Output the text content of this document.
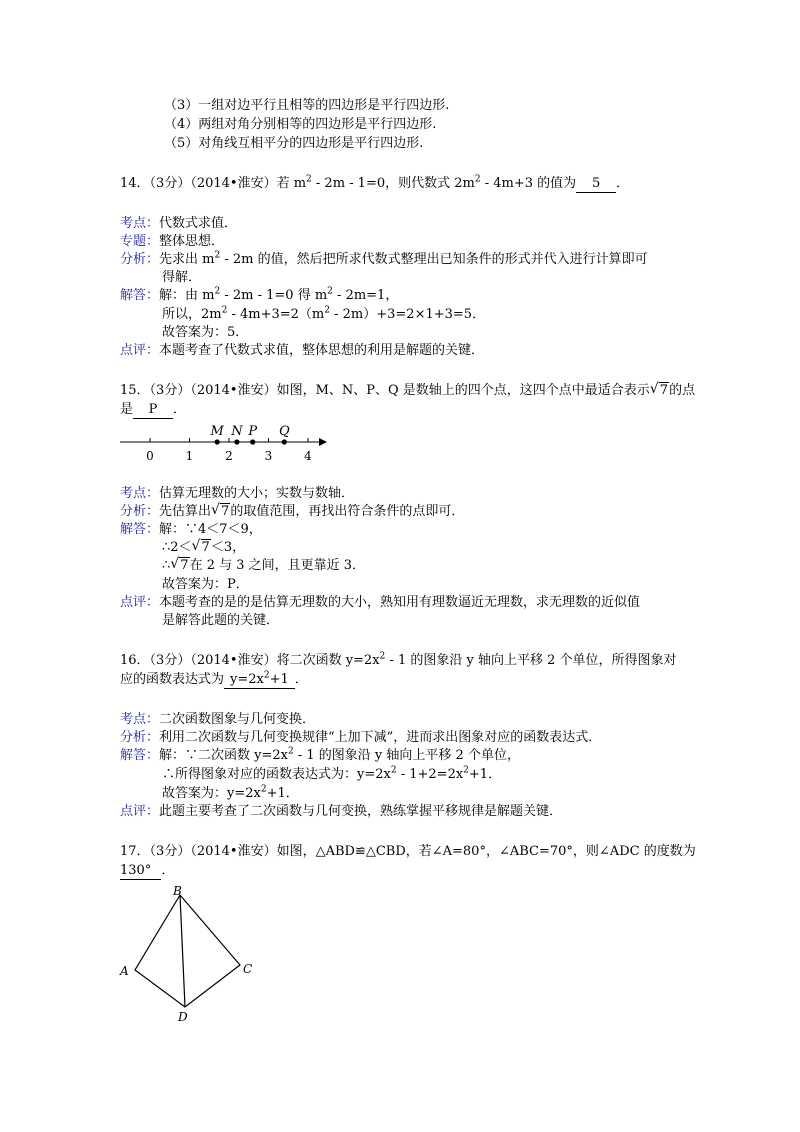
（3）一组对边平行且相等的四边形是平行四边形.
（4）两组对角分别相等的四边形是平行四边形.
（5）对角线互相平分的四边形是平行四边形.
14．（3分）（2014•淮安）若 $m^2 - 2m - 1=0$，则代数式 $2m^2 - 4m+3$ 的值为 5 ．
考点：代数式求值．
专题：整体思想．
分析：先求出 $m^2 - 2m$ 的值，然后把所求代数式整理出已知条件的形式并代入进行计算即可
得解．
解答：解：由 $m^2 - 2m - 1=0$ 得 $m^2 - 2m=1$，
所以，$2m^2 - 4m+3=2(m^2 - 2m)+3=2\times 1+3=5$．
故答案为：5．
点评：本题考查了代数式求值，整体思想的利用是解题的关键．
15．（3分）（2014•淮安）如图，M、N、P、Q 是数轴上的四个点，这四个点中最适合表示 √ 7的点
是 P ．
0	1	2	3	4
M N P Q
考点：估算无理数的大小；实数与数轴．
分析：先估算出 √ 7的取值范围，再找出符合条件的点即可．
解答：解：∵4＜7＜9，
∴2＜ √ 7＜3，
∴ √ 7在 2 与 3 之间，且更靠近 3．
故答案为：P．
点评：本题考查的是的是估算无理数的大小，熟知用有理数逼近无理数，求无理数的近似值
是解答此题的关键．
16．（3分）（2014•淮安）将二次函数 $y=2x^2 - 1$ 的图象沿 y 轴向上平移 2 个单位，所得图象对
应的函数表达式为 $y=2x^2+1$ ．
考点：二次函数图象与几何变换．
分析：利用二次函数与几何变换规律“上加下减”，进而求出图象对应的函数表达式．
解答：解：∵二次函数 $y=2x^2 - 1$ 的图象沿 y 轴向上平移 2 个单位，
∴所得图象对应的函数表达式为：$y=2x^2 - 1+2=2x^2+1$．
故答案为：$y=2x^2+1$．
点评：此题主要考查了二次函数与几何变换，熟练掌握平移规律是解题关键．
17．（3分）（2014•淮安）如图，△ABD≌△CBD，若∠A=80°，∠ABC=70°，则∠ADC 的度数为
130° ．
B
A	C
D
